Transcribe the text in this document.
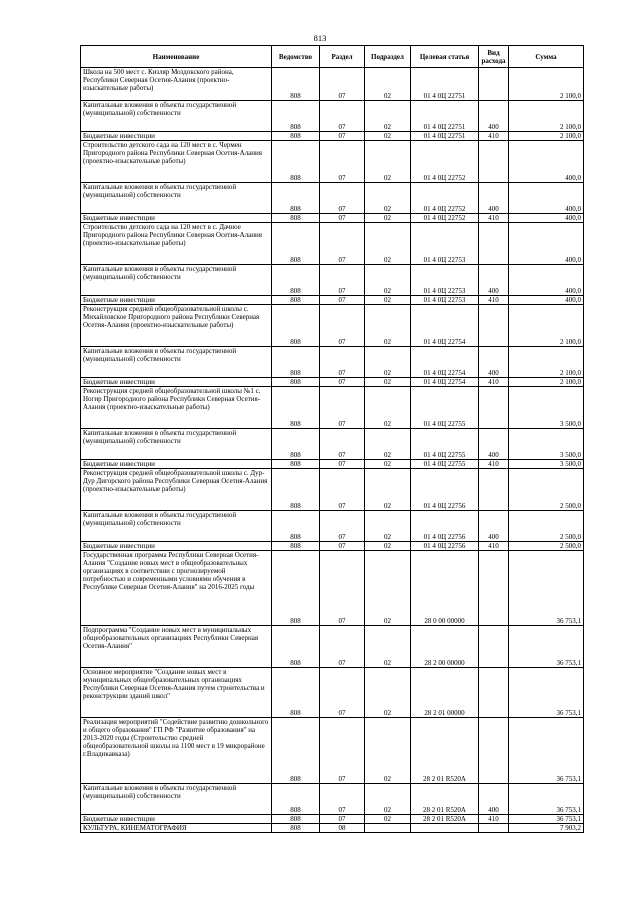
813
Наименование	Ведомство	Раздел	Подраздел	Целевая статья	Вид расхода	Сумма
Школа на 500 мест с. Кизляр Моздокского района, Республики Северная Осетия-Алания (проектно-изыскательные работы)	808	07	02	01 4 0Ц 22751		2 100,0
Капитальные вложения в объекты государственной (муниципальной) собственности	808	07	02	01 4 0Ц 22751	400	2 100,0
Бюджетные инвестиции	808	07	02	01 4 0Ц 22751	410	2 100,0
Строительство детского сада на 120 мест в с. Чермен Пригородного района Республики Северная Осетия-Алания (проектно-изыскательные работы)	808	07	02	01 4 0Ц 22752		400,0
Капитальные вложения в объекты государственной (муниципальной) собственности	808	07	02	01 4 0Ц 22752	400	400,0
Бюджетные инвестиции	808	07	02	01 4 0Ц 22752	410	400,0
Строительство детского сада на 120 мест в с. Дачное Пригородного района Республики Северная Осетия-Алания (проектно-изыскательные работы)	808	07	02	01 4 0Ц 22753		400,0
Капитальные вложения в объекты государственной (муниципальной) собственности	808	07	02	01 4 0Ц 22753	400	400,0
Бюджетные инвестиции	808	07	02	01 4 0Ц 22753	410	400,0
Реконструкция средней общеобразовательной школы с. Михайловское Пригородного района Республики Северная Осетия-Алания (проектно-изыскательные работы)	808	07	02	01 4 0Ц 22754		2 100,0
Капитальные вложения в объекты государственной (муниципальной) собственности	808	07	02	01 4 0Ц 22754	400	2 100,0
Бюджетные инвестиции	808	07	02	01 4 0Ц 22754	410	2 100,0
Реконструкция средней общеобразовательной школы №1 с. Ногир Пригородного района Республики Северная Осетия-Алания (проектно-изыскательные работы)	808	07	02	01 4 0Ц 22755		3 500,0
Капитальные вложения в объекты государственной (муниципальной) собственности	808	07	02	01 4 0Ц 22755	400	3 500,0
Бюджетные инвестиции	808	07	02	01 4 0Ц 22755	410	3 500,0
Реконструкция средней общеобразовательной школы с. Дур-Дур Дигорского района Республики Северная Осетия-Алания (проектно-изыскательные работы)	808	07	02	01 4 0Ц 22756		2 500,0
Капитальные вложения в объекты государственной (муниципальной) собственности	808	07	02	01 4 0Ц 22756	400	2 500,0
Бюджетные инвестиции	808	07	02	01 4 0Ц 22756	410	2 500,0
Государственная программа Республики Северная Осетия-Алания "Создание новых мест в общеобразовательных организациях в соответствии с прогнозируемой потребностью и современными условиями обучения в Республике Северная Осетия-Алания" на 2016-2025 годы	808	07	02	28 0 00 00000		36 753,1
Подпрограмма "Создание новых мест в муниципальных общеобразовательных организациях Республики Северная Осетия-Алания"	808	07	02	28 2 00 00000		36 753,1
Основное мероприятие "Создание новых мест в муниципальных общеобразовательных организациях Республики Северная Осетия-Алания путем строительства и реконструкции зданий школ"	808	07	02	28 2 01 00000		36 753,1
Реализация мероприятий "Содействие развитию дошкольного и общего образования" ГП РФ "Развитие образования" на 2013-2020 годы (Строительство средней общеобразовательной школы на 1100 мест в 19 микрорайоне г.Владикавказа)	808	07	02	28 2 01 R520A		36 753,1
Капитальные вложения в объекты государственной (муниципальной) собственности	808	07	02	28 2 01 R520A	400	36 753,1
Бюджетные инвестиции	808	07	02	28 2 01 R520A	410	36 753,1
КУЛЬТУРА, КИНЕМАТОГРАФИЯ	808	08				7 903,2
